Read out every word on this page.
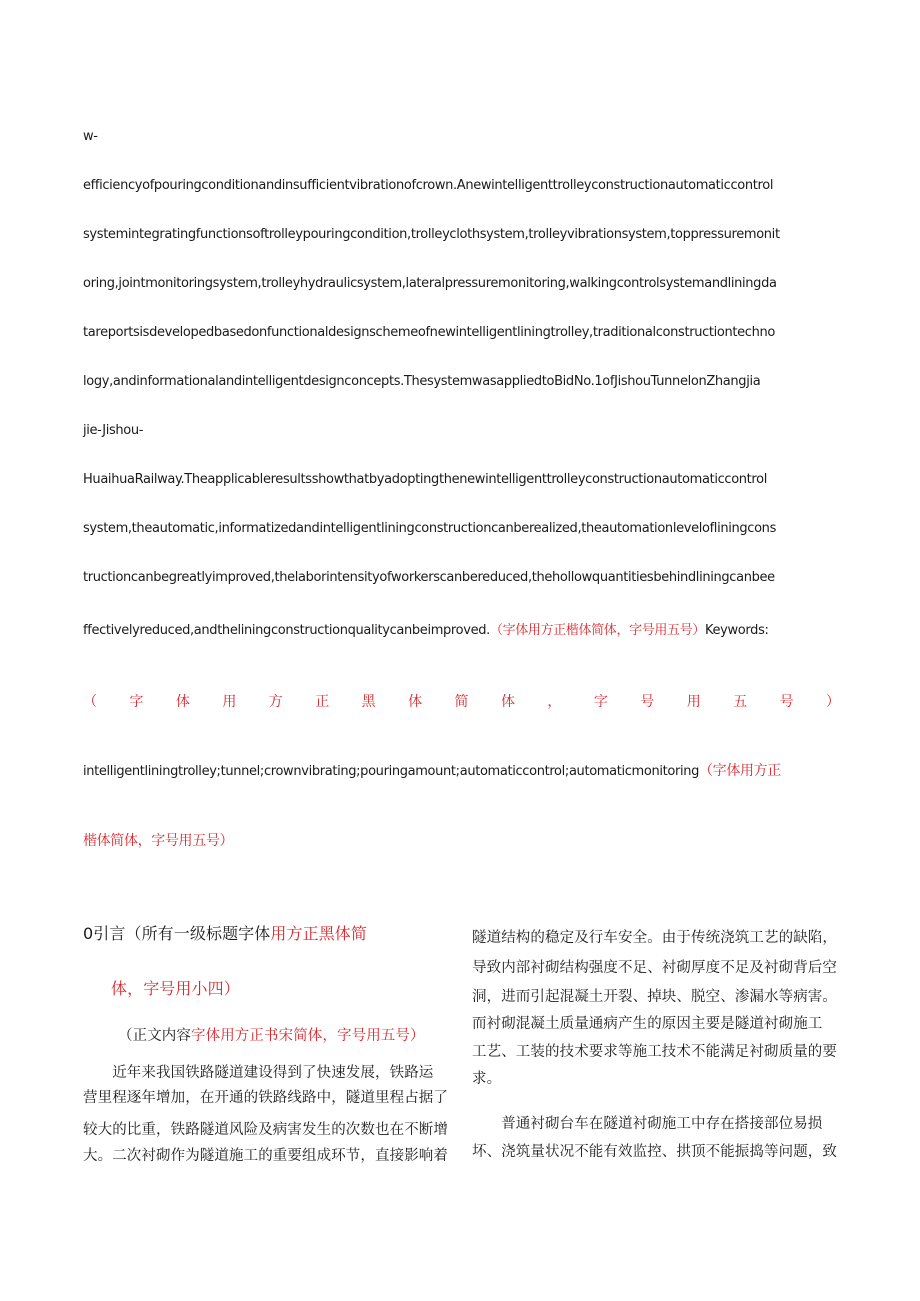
w-
efficiencyofpouringconditionandinsufficientvibrationofcrown.Anewintelligenttrolleyconstructionautomaticcontrol
systemintegratingfunctionsoftrolleypouringcondition,trolleyclothsystem,trolleyvibrationsystem,toppressuremonit
oring,jointmonitoringsystem,trolleyhydraulicsystem,lateralpressuremonitoring,walkingcontrolsystemandliningda
tareportsisdevelopedbasedonfunctionaldesignschemeofnewintelligentliningtrolley,traditionalconstructiontechno
logy,andinformationalandintelligentdesignconcepts.ThesystemwasappliedtoBidNo.1ofJishouTunnelonZhangjia
jie-Jishou-
HuaihuaRailway.Theapplicableresultsshowthatbyadoptingthenewintelligenttrolleyconstructionautomaticcontrol
system,theautomatic,informatizedandintelligentliningconstructioncanberealized,theautomationlevelofliningcons
tructioncanbegreatlyimproved,thelaborintensityofworkerscanbereduced,thehollowquantitiesbehindliningcanbee
ffectivelyreduced,andtheliningconstructionqualitycanbeimproved.（字体用方正楷体简体，字号用五号）Keywords:
（ 字 体 用 方 正 黑 体 简 体 ， 字 号 用 五 号 ）
intelligentliningtrolley;tunnel;crownvibrating;pouringamount;automaticcontrol;automaticmonitoring（字体用方正
楷体简体，字号用五号）
0引言（所有一级标题字体用方正黑体简
体，字号用小四）
（正文内容字体用方正书宋简体，字号用五号）
　　近年来我国铁路隧道建设得到了快速发展，铁路运
营里程逐年增加，在开通的铁路线路中，隧道里程占据了
较大的比重，铁路隧道风险及病害发生的次数也在不断增
大。二次衬砌作为隧道施工的重要组成环节，直接影响着
隧道结构的稳定及行车安全。由于传统浇筑工艺的缺陷，
导致内部衬砌结构强度不足、衬砌厚度不足及衬砌背后空
洞，进而引起混凝土开裂、掉块、脱空、渗漏水等病害。
而衬砌混凝土质量通病产生的原因主要是隧道衬砌施工
工艺、工装的技术要求等施工技术不能满足衬砌质量的要
求。
　　普通衬砌台车在隧道衬砌施工中存在搭接部位易损
坏、浇筑量状况不能有效监控、拱顶不能振捣等问题，致
